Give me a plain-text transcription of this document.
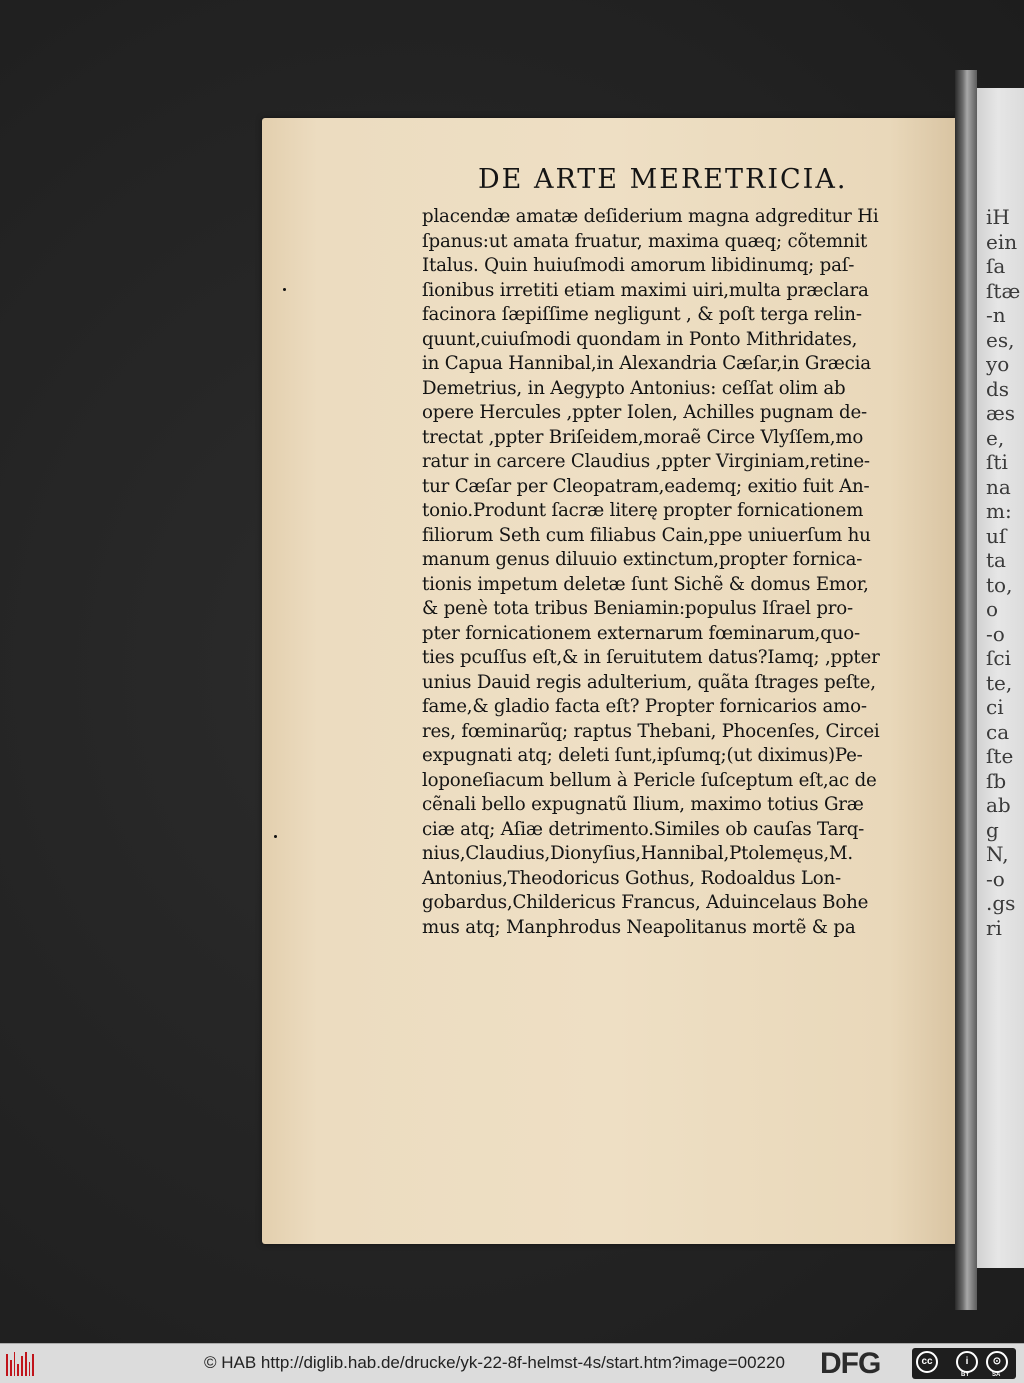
iH
ein
ſa
ſtæ
-n
es,
yo
ds
æs
e,
ſti
na
m:
uſ
ta
to,
o
-o
ſci
te,
ci
ca
ſte
ſb
ab
g
N,
-o
.gs
ri
DE ARTE MERETRICIA.
placendæ amatæ deſiderium magna adgreditur Hi
ſpanus:ut amata fruatur, maxima quæq; cõtemnit
Italus. Quin huiuſmodi amorum libidinumq; paſ-
ſionibus irretiti etiam maximi uiri,multa præclara
facinora ſæpiſſime negligunt , & poſt terga relin-
quunt,cuiuſmodi quondam in Ponto Mithridates,
in Capua Hannibal,in Alexandria Cæſar,in Græcia
Demetrius, in Aegypto Antonius: ceſſat olim ab
opere Hercules ,ppter Iolen, Achilles pugnam de-
trectat ,ppter Briſeidem,moraẽ Circe Vlyſſem,mo
ratur in carcere Claudius ,ppter Virginiam,retine-
tur Cæſar per Cleopatram,eademq; exitio fuit An-
tonio.Produnt ſacræ literę propter fornicationem
filiorum Seth cum filiabus Cain,ppe uniuerſum hu
manum genus diluuio extinctum,propter fornica-
tionis impetum deletæ ſunt Sichẽ & domus Emor,
& penè tota tribus Beniamin:populus Iſrael pro-
pter fornicationem externarum fœminarum,quo-
ties pcuſſus eſt,& in ſeruitutem datus?Iamq; ,ppter
unius Dauid regis adulterium, quãta ſtrages peſte,
fame,& gladio facta eſt? Propter fornicarios amo-
res, fœminarũq; raptus Thebani, Phocenſes, Circei
expugnati atq; deleti ſunt,ipſumq;(ut diximus)Pe-
loponeſiacum bellum à Pericle ſuſceptum eſt,ac de
cẽnali bello expugnatũ Ilium, maximo totius Græ
ciæ atq; Aſiæ detrimento.Similes ob cauſas Tarq-
nius,Claudius,Dionyſius,Hannibal,Ptolemęus,M.
Antonius,Theodoricus Gothus, Rodoaldus Lon-
gobardus,Childericus Francus, Aduincelaus Bohe
mus atq; Manphrodus Neapolitanus mortẽ & pa
© HAB http://diglib.hab.de/drucke/yk-22-8f-helmst-4s/start.htm?image=00220 DFG	cc	i	⊙
BY	SA
